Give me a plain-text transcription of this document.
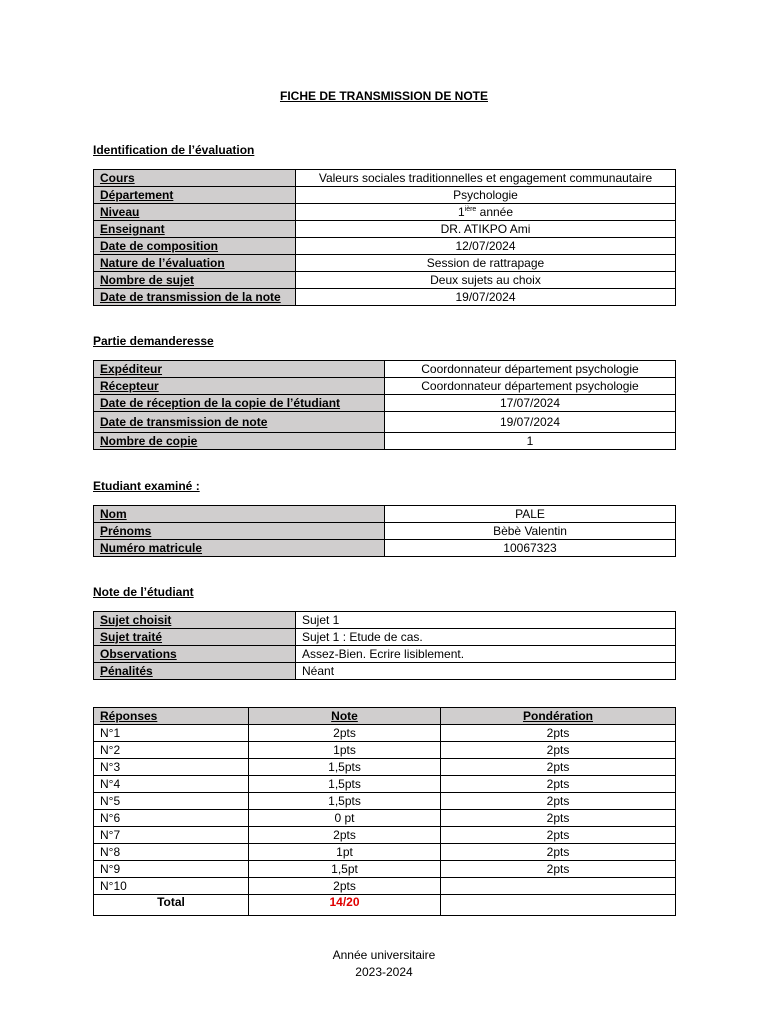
FICHE DE TRANSMISSION DE NOTE
Identification de l’évaluation
Cours	Valeurs sociales traditionnelles et engagement communautaire
Département	Psychologie
Niveau	$1^{ière}$ année
Enseignant	DR. ATIKPO Ami
Date de composition	12/07/2024
Nature de l’évaluation	Session de rattrapage
Nombre de sujet	Deux sujets au choix
Date de transmission de la note	19/07/2024
Partie demanderesse
Expéditeur	Coordonnateur département psychologie
Récepteur	Coordonnateur département psychologie
Date de réception de la copie de l’étudiant	17/07/2024
Date de transmission de note	19/07/2024
Nombre de copie	1
Etudiant examiné :
Nom	PALE
Prénoms	Bèbè Valentin
Numéro matricule	10067323
Note de l’étudiant
Sujet choisit	Sujet 1
Sujet traité	Sujet 1 : Etude de cas.
Observations	Assez-Bien. Ecrire lisiblement.
Pénalités	Néant
Réponses	Note	Pondération
N°1	2pts	2pts
N°2	1pts	2pts
N°3	1,5pts	2pts
N°4	1,5pts	2pts
N°5	1,5pts	2pts
N°6	0 pt	2pts
N°7	2pts	2pts
N°8	1pt	2pts
N°9	1,5pt	2pts
N°10	2pts	
Total	14/20	
Année universitaire
2023-2024
